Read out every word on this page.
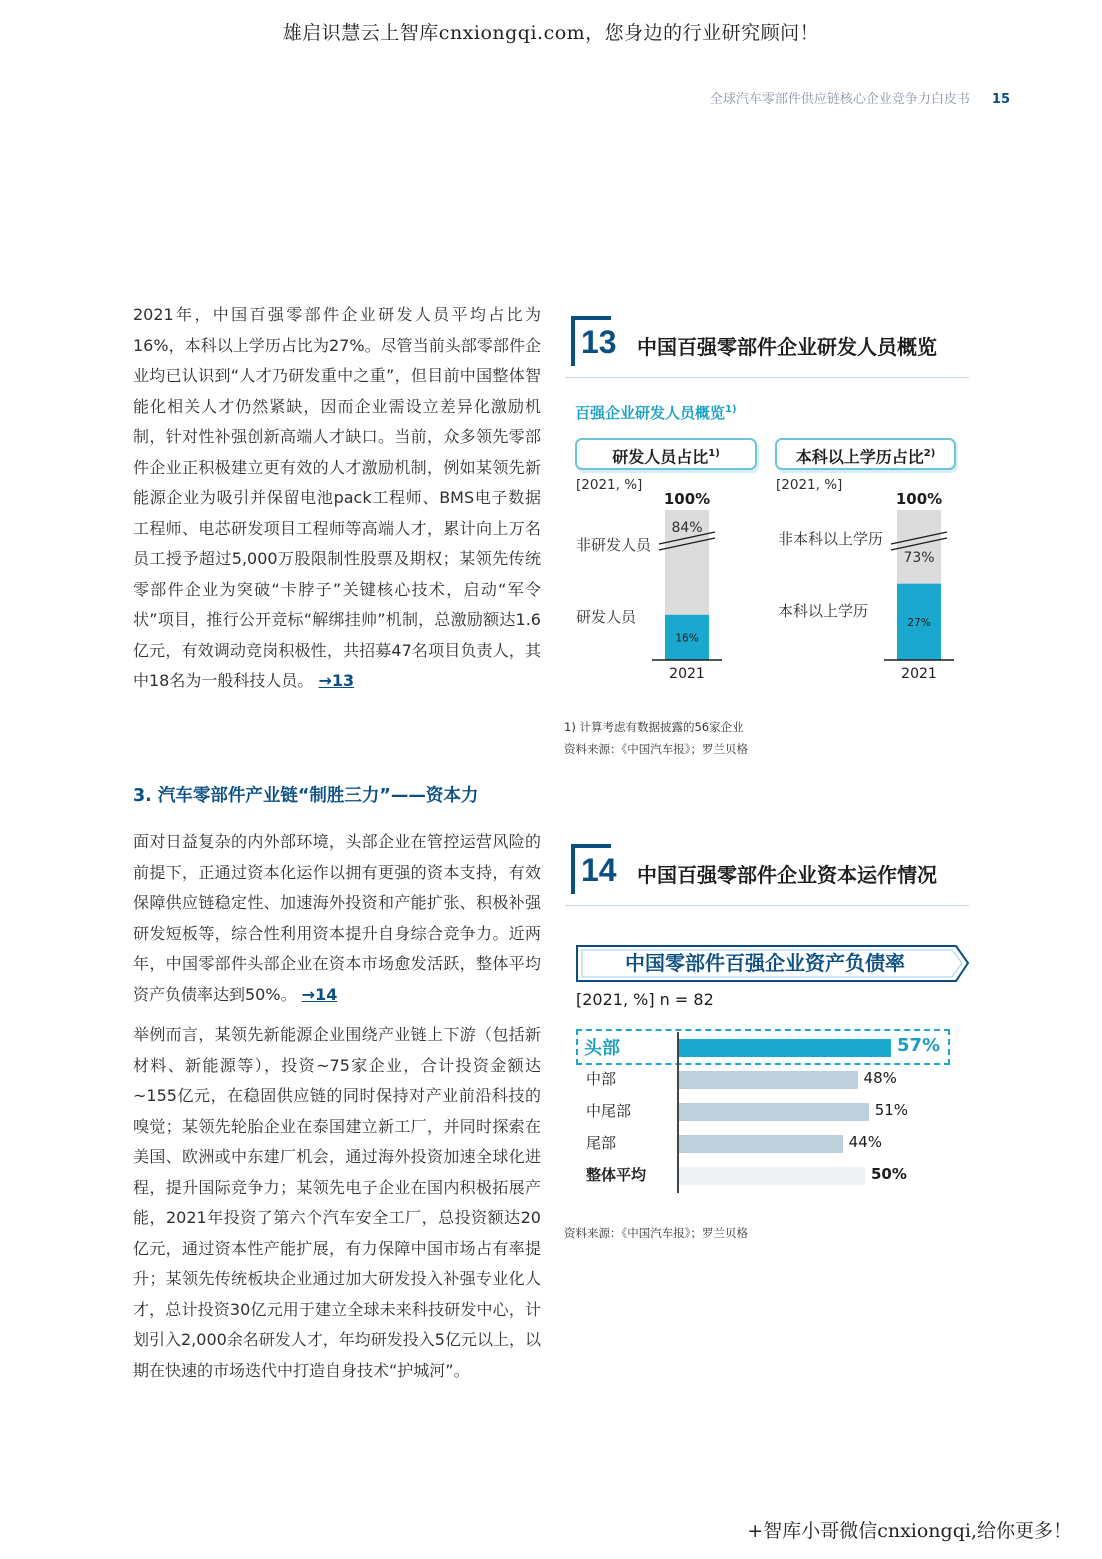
雄启识慧云上智库cnxiongqi.com，您身边的行业研究顾问！
全球汽车零部件供应链核心企业竞争力白皮书 15

2021年，中国百强零部件企业研发人员平均占比为16%，本科以上学历占比为27%。尽管当前头部零部件企业均已认识到“人才乃研发重中之重”，但目前中国整体智能化相关人才仍然紧缺，因而企业需设立差异化激励机制，针对性补强创新高端人才缺口。当前，众多领先零部件企业正积极建立更有效的人才激励机制，例如某领先新能源企业为吸引并保留电池pack工程师、BMS电子数据工程师、电芯研发项目工程师等高端人才，累计向上万名员工授予超过5,000万股限制性股票及期权；某领先传统零部件企业为突破“卡脖子”关键核心技术，启动“军令状”项目，推行公开竞标“解绑挂帅”机制，总激励额达1.6亿元，有效调动竞岗积极性，共招募47名项目负责人，其中18名为一般科技人员。 →13

3. 汽车零部件产业链“制胜三力”——资本力

面对日益复杂的内外部环境，头部企业在管控运营风险的前提下，正通过资本化运作以拥有更强的资本支持，有效保障供应链稳定性、加速海外投资和产能扩张、积极补强研发短板等，综合性利用资本提升自身综合竞争力。近两年，中国零部件头部企业在资本市场愈发活跃，整体平均资产负债率达到50%。 →14

举例而言，某领先新能源企业围绕产业链上下游（包括新材料、新能源等），投资~75家企业，合计投资金额达~155亿元，在稳固供应链的同时保持对产业前沿科技的嗅觉；某领先轮胎企业在泰国建立新工厂，并同时探索在美国、欧洲或中东建厂机会，通过海外投资加速全球化进程，提升国际竞争力；某领先电子企业在国内积极拓展产能，2021年投资了第六个汽车安全工厂，总投资额达20亿元，通过资本性产能扩展，有力保障中国市场占有率提升；某领先传统板块企业通过加大研发投入补强专业化人才，总计投资30亿元用于建立全球未来科技研发中心，计划引入2,000余名研发人才，年均研发投入5亿元以上，以期在快速的市场迭代中打造自身技术“护城河”。

13 中国百强零部件企业研发人员概览
百强企业研发人员概览$^{1)}$
研发人员占比$^{1)}$	本科以上学历占比$^{2)}$
[2021, %]	[2021, %]
非研发人员
研发人员
非本科以上学历
本科以上学历
100%
84%
16%
2021
100%
73%
27%
2021
1) 计算考虑有数据披露的56家企业
资料来源：《中国汽车报》；罗兰贝格
14 中国百强零部件企业资本运作情况
中国零部件百强企业资产负债率
[2021, %] n = 82
头部	57%
中部	48%
中尾部	51%
尾部	44%
整体平均	50%
资料来源：《中国汽车报》；罗兰贝格
+智库小哥微信cnxiongqi,给你更多！
